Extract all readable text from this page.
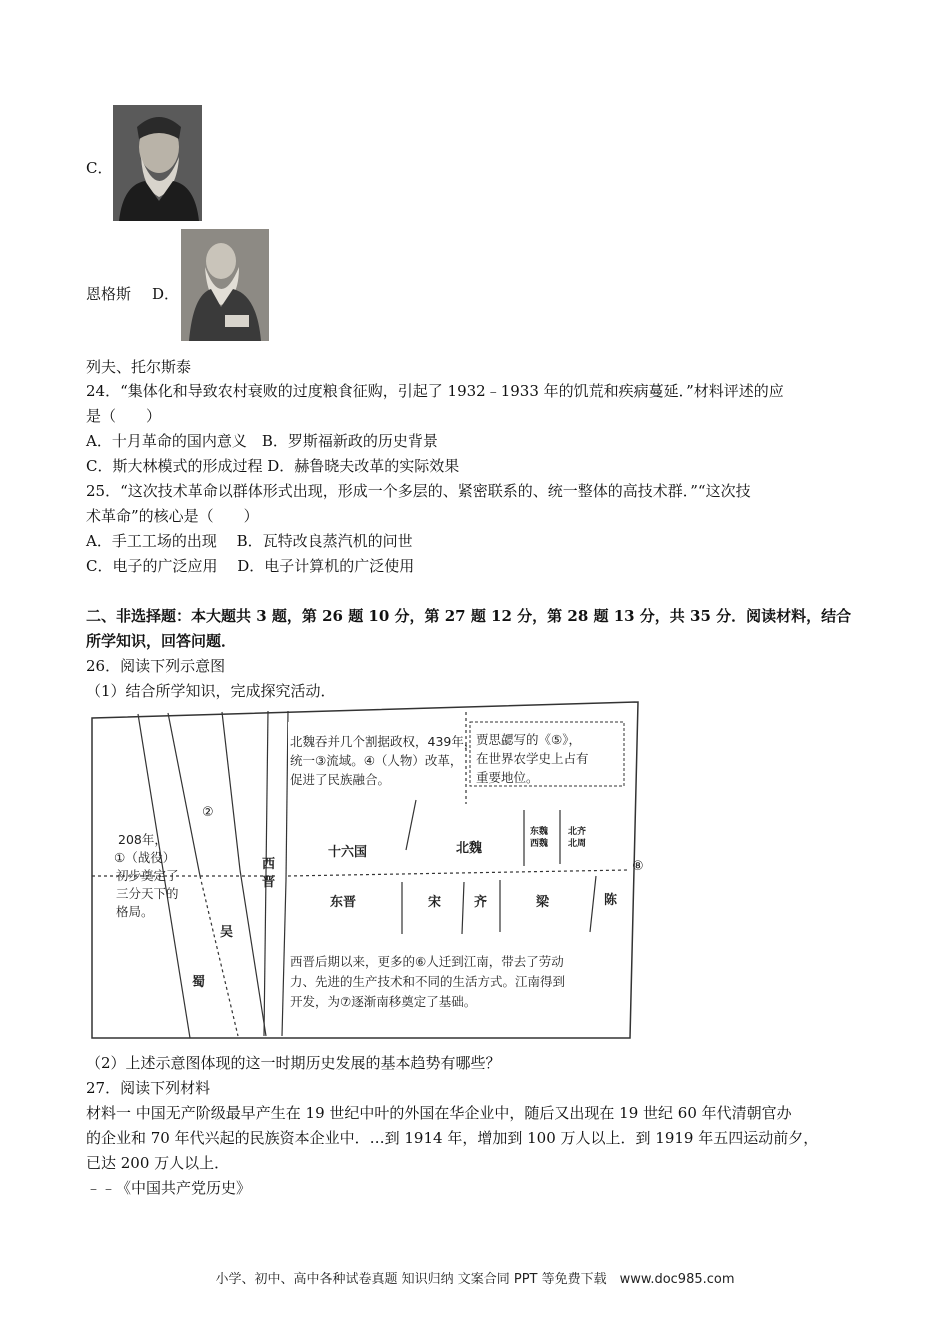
C．
恩格斯 D．
列夫、托尔斯泰
24．“集体化和导致农村衰败的过度粮食征购，引起了 1932﹣1933 年的饥荒和疾病蔓延．”材料评述的应
是（　　）
A．十月革命的国内意义　B．罗斯福新政的历史背景
C．斯大林模式的形成过程 D．赫鲁晓夫改革的实际效果
25．“这次技术革命以群体形式出现，形成一个多层的、紧密联系的、统一整体的高技术群．”“这次技
术革命”的核心是（　　）
A．手工工场的出现　 B．瓦特改良蒸汽机的问世
C．电子的广泛应用　 D．电子计算机的广泛使用
二、非选择题：本大题共 3 题，第 26 题 10 分，第 27 题 12 分，第 28 题 13 分，共 35 分．阅读材料，结合
所学知识，回答问题．
26．阅读下列示意图
（1）结合所学知识，完成探究活动．
北魏吞并几个割据政权，439年，
统一③流域。④（人物）改革，
促进了民族融合。
贾思勰写的《⑤》，
在世界农学史上占有
重要地位。
②
208年，
①（战役）
初步奠定了
三分天下的
格局。
西
晋
吴
蜀
十六国	北魏
东魏
西魏
北齐
北周
⑧
东晋	宋	齐	梁	陈
西晋后期以来，更多的⑥人迁到江南，带去了劳动
力、先进的生产技术和不同的生活方式。江南得到
开发，为⑦逐渐南移奠定了基础。
（2）上述示意图体现的这一时期历史发展的基本趋势有哪些？
27．阅读下列材料
材料一 中国无产阶级最早产生在 19 世纪中叶的外国在华企业中，随后又出现在 19 世纪 60 年代清朝官办
的企业和 70 年代兴起的民族资本企业中．…到 1914 年，增加到 100 万人以上．到 1919 年五四运动前夕，
已达 200 万人以上．
﹣﹣《中国共产党历史》
小学、初中、高中各种试卷真题 知识归纳 文案合同 PPT 等免费下载　www.doc985.com
